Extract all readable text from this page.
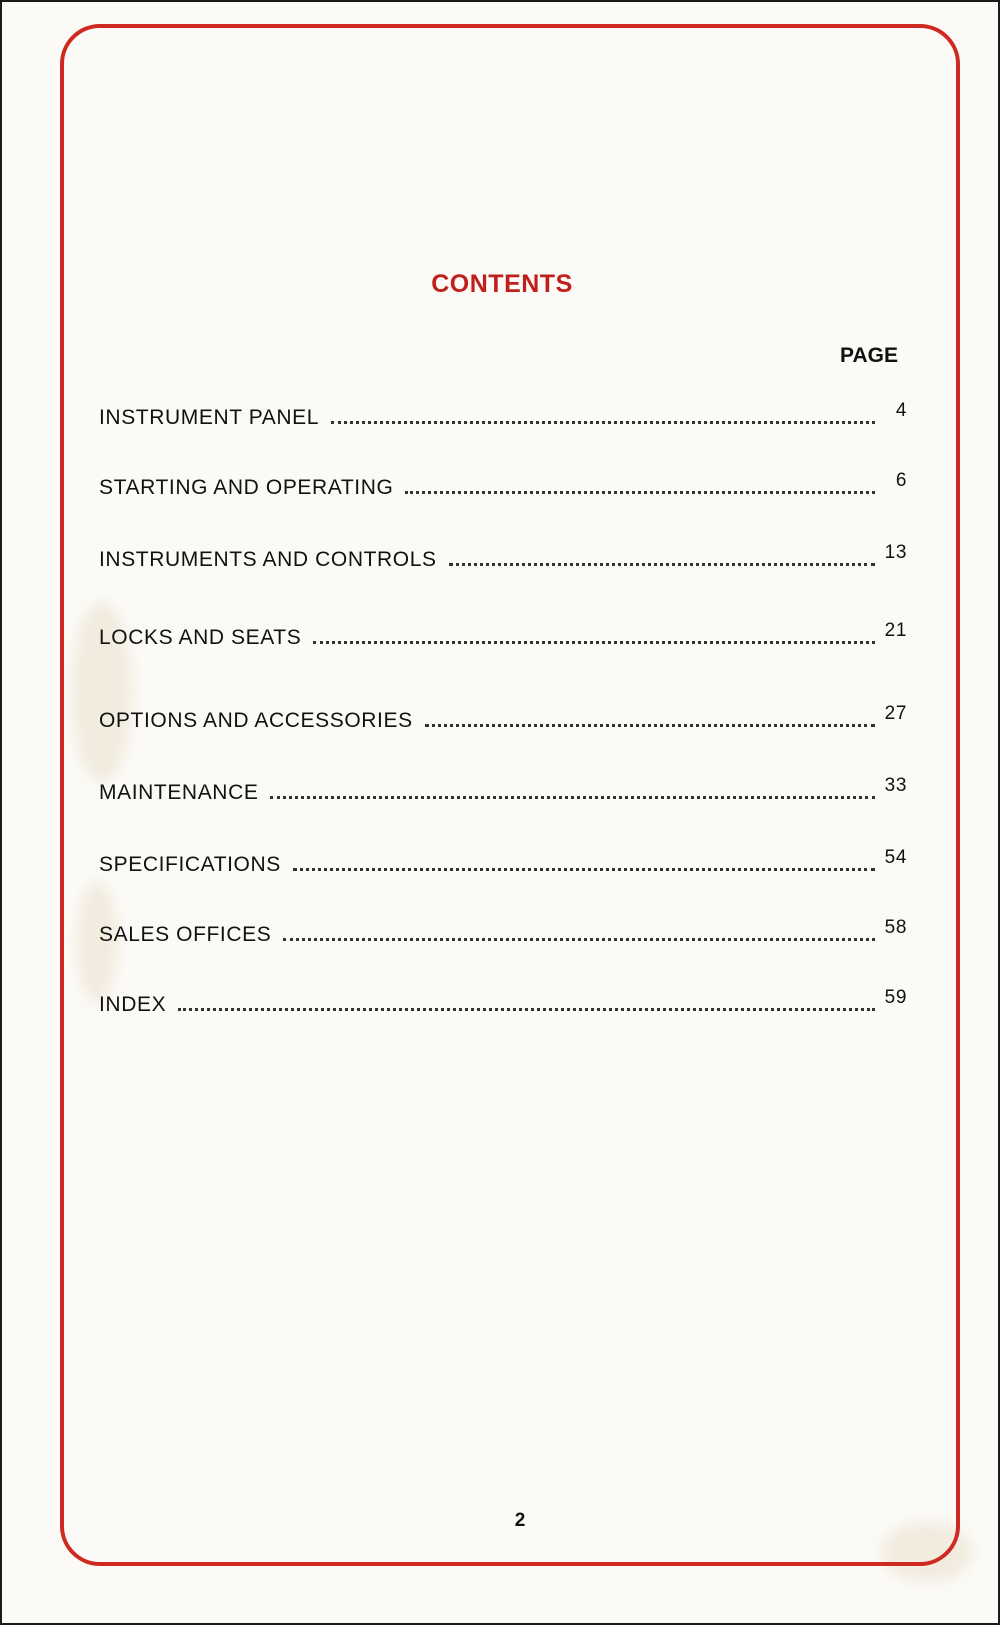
CONTENTS
PAGE
INSTRUMENT PANEL	4
STARTING AND OPERATING	6
INSTRUMENTS AND CONTROLS	13
LOCKS AND SEATS	21
OPTIONS AND ACCESSORIES	27
MAINTENANCE	33
SPECIFICATIONS	54
SALES OFFICES	58
INDEX	59
2
